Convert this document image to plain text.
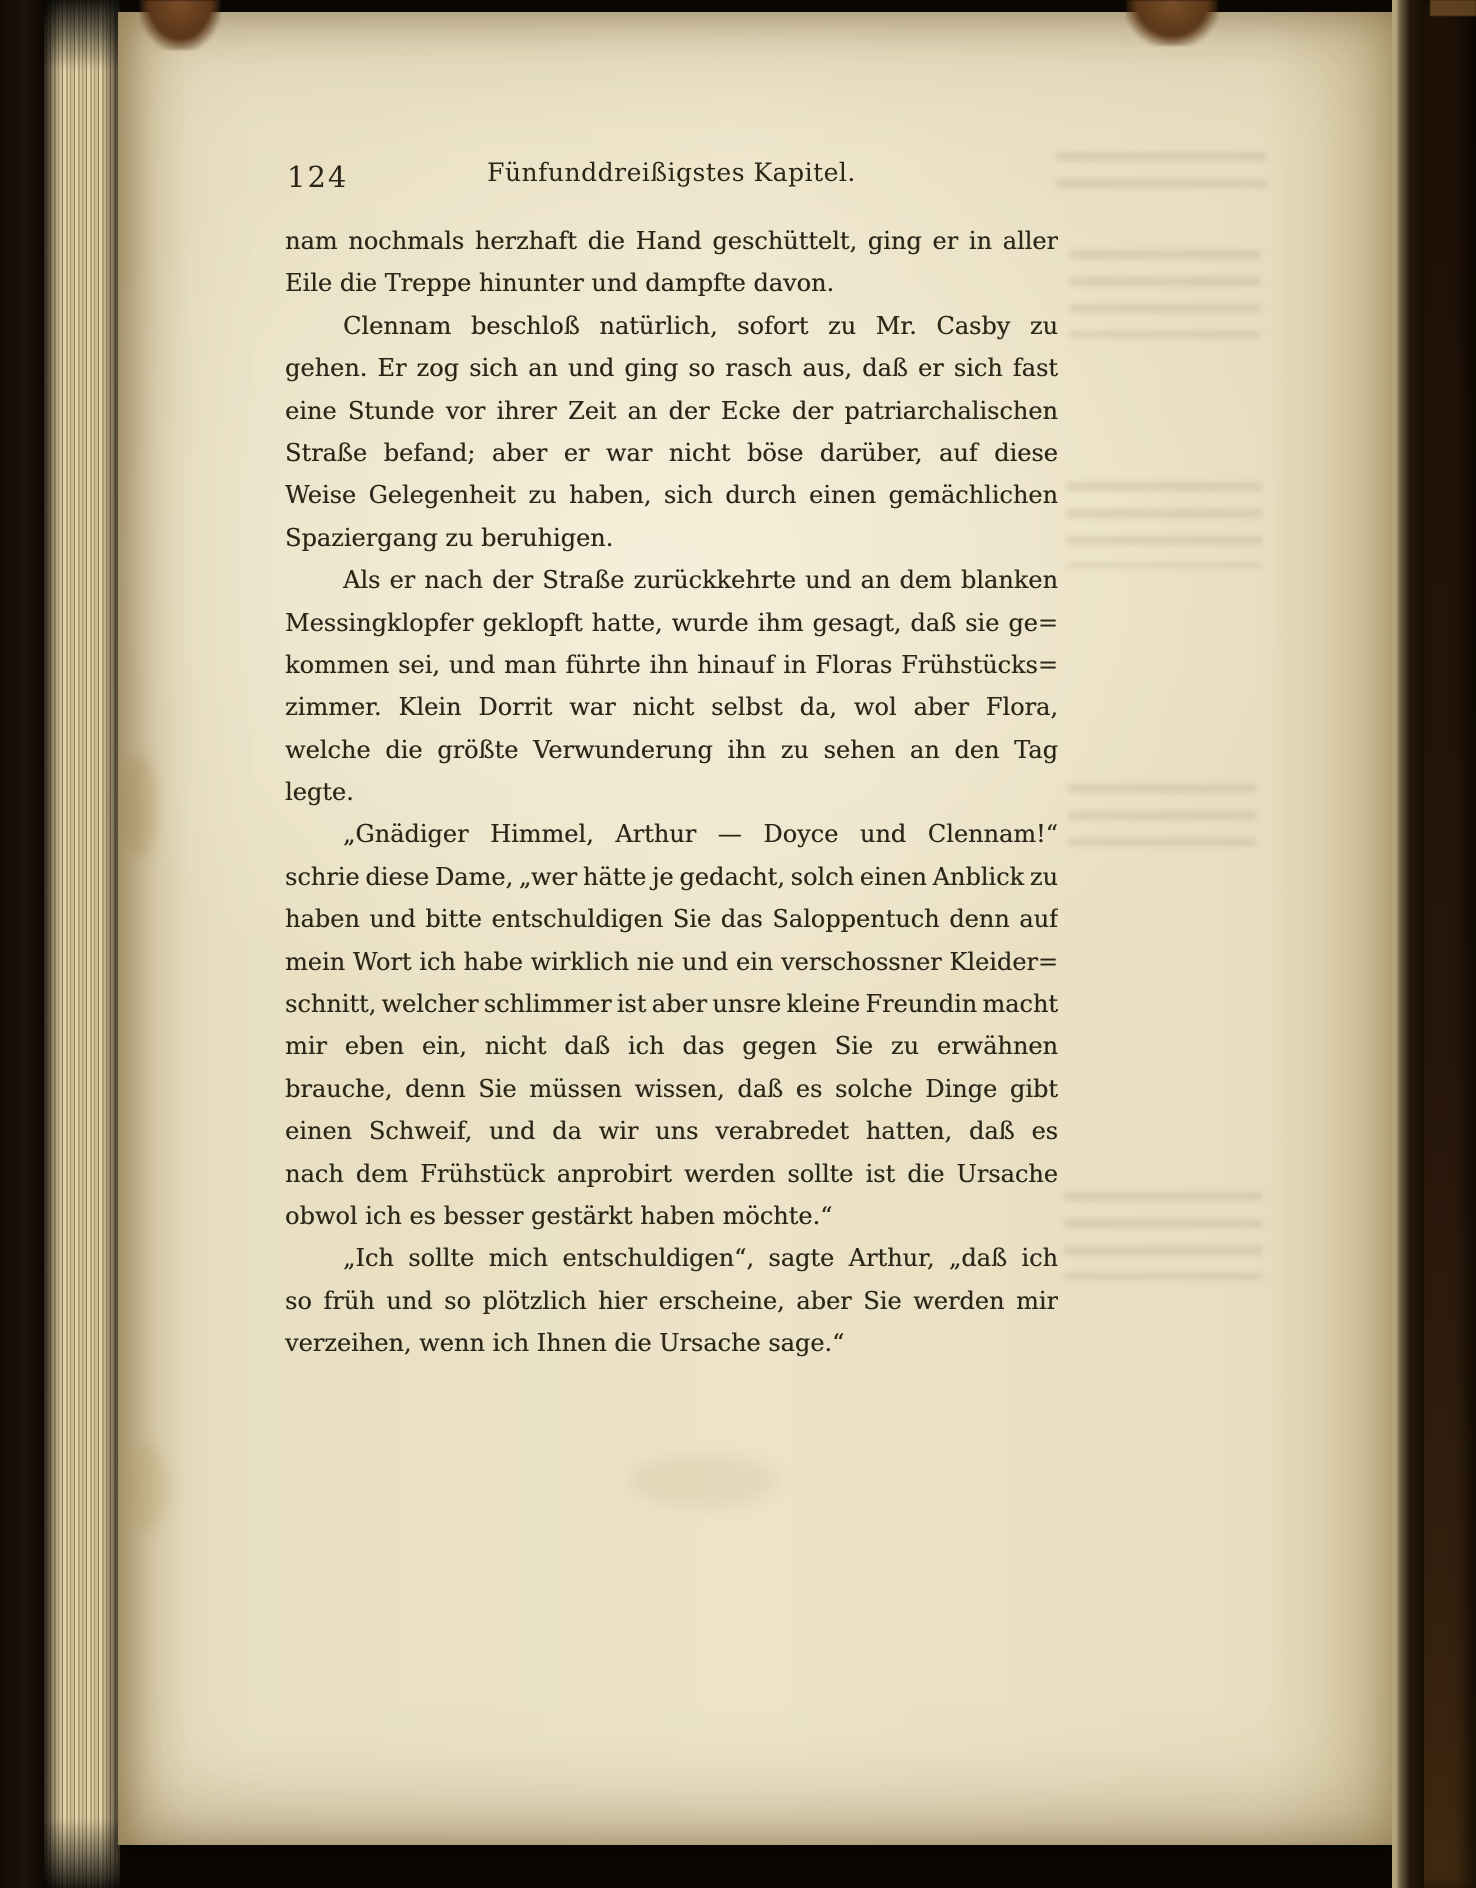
124	Fünfunddreißigstes Kapitel.
nam nochmals herzhaft die Hand geschüttelt, ging er in aller
Eile die Treppe hinunter und dampfte davon.
Clennam beschloß natürlich, sofort zu Mr. Casby zu
gehen. Er zog sich an und ging so rasch aus, daß er sich fast
eine Stunde vor ihrer Zeit an der Ecke der patriarchalischen
Straße befand; aber er war nicht böse darüber, auf diese
Weise Gelegenheit zu haben, sich durch einen gemächlichen
Spaziergang zu beruhigen.
Als er nach der Straße zurückkehrte und an dem blanken
Messingklopfer geklopft hatte, wurde ihm gesagt, daß sie ge=
kommen sei, und man führte ihn hinauf in Floras Frühstücks=
zimmer. Klein Dorrit war nicht selbst da, wol aber Flora,
welche die größte Verwunderung ihn zu sehen an den Tag
legte.
„Gnädiger Himmel, Arthur — Doyce und Clennam!“
schrie diese Dame, „wer hätte je gedacht, solch einen Anblick zu
haben und bitte entschuldigen Sie das Saloppentuch denn auf
mein Wort ich habe wirklich nie und ein verschossner Kleider=
schnitt, welcher schlimmer ist aber unsre kleine Freundin macht
mir eben ein, nicht daß ich das gegen Sie zu erwähnen
brauche, denn Sie müssen wissen, daß es solche Dinge gibt
einen Schweif, und da wir uns verabredet hatten, daß es
nach dem Frühstück anprobirt werden sollte ist die Ursache
obwol ich es besser gestärkt haben möchte.“
„Ich sollte mich entschuldigen“, sagte Arthur, „daß ich
so früh und so plötzlich hier erscheine, aber Sie werden mir
verzeihen, wenn ich Ihnen die Ursache sage.“
